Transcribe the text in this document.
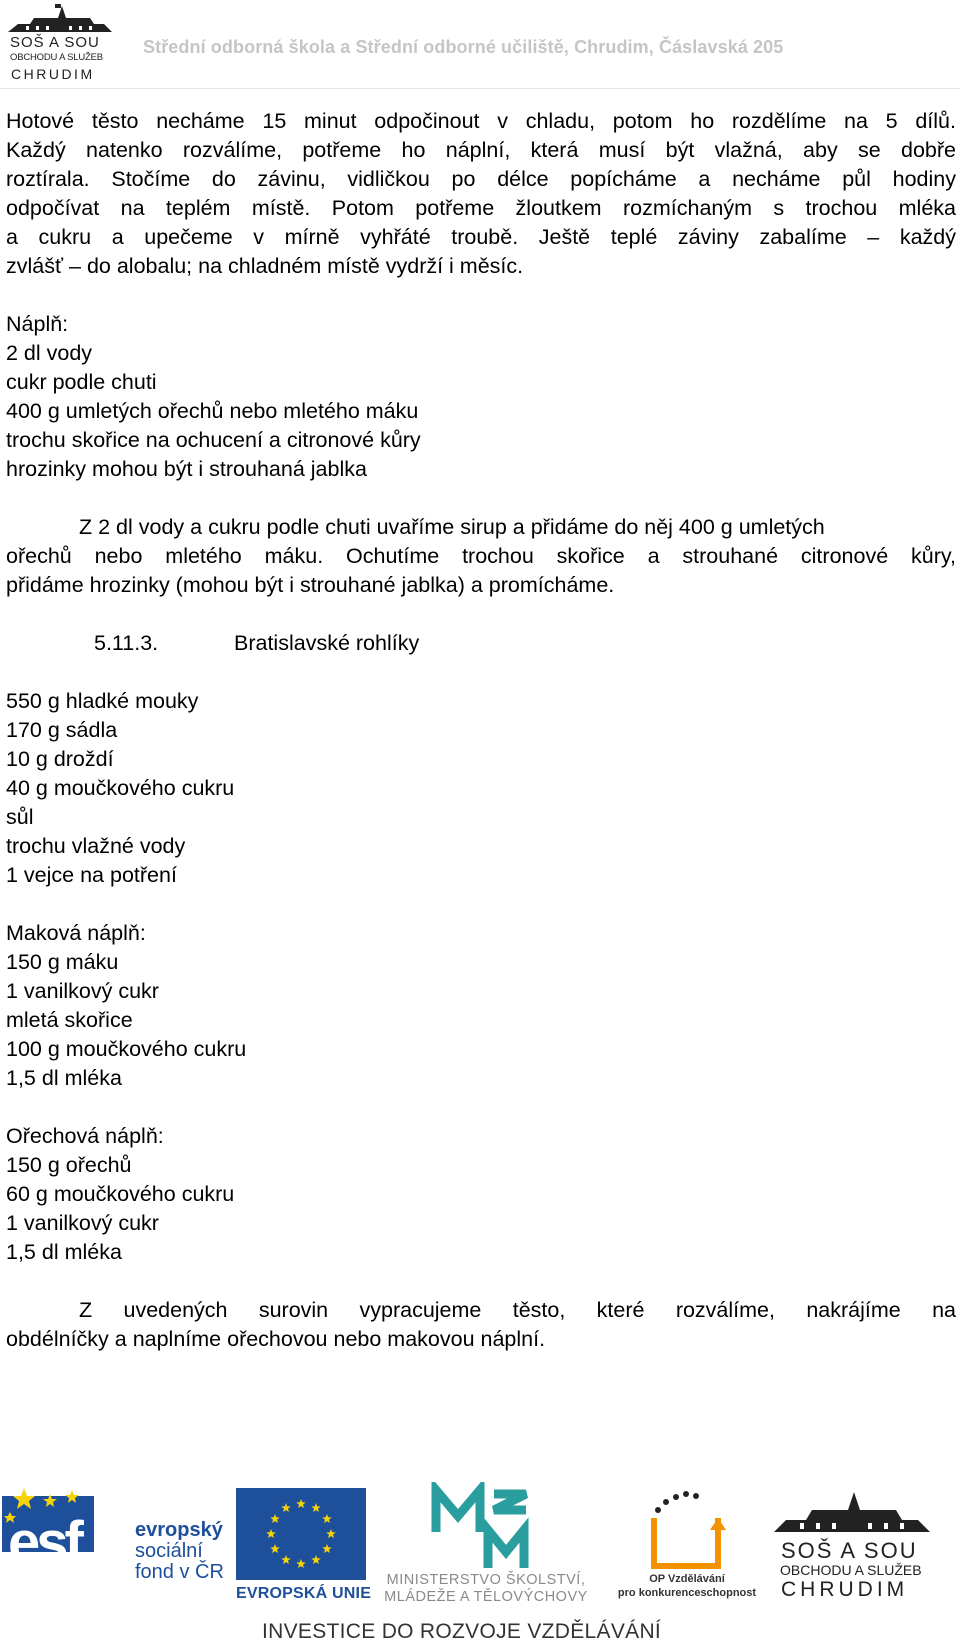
SOŠ A SOU
OBCHODU A SLUŽEB
CHRUDIM
Střední odborná škola a Střední odborné učiliště, Chrudim, Čáslavská 205
Hotové těsto necháme 15 minut odpočinout v chladu, potom ho rozdělíme na 5 dílů.
Každý natenko rozválíme, potřeme ho náplní, která musí být vlažná, aby se dobře
roztírala. Stočíme do závinu, vidličkou po délce popícháme a necháme půl hodiny
odpočívat na teplém místě. Potom potřeme žloutkem rozmíchaným s trochou mléka
a cukru a upečeme v mírně vyhřáté troubě. Ještě teplé záviny zabalíme – každý
zvlášť – do alobalu; na chladném místě vydrží i měsíc.
Náplň:
2 dl vody
cukr podle chuti
400 g umletých ořechů nebo mletého máku
trochu skořice na ochucení a citronové kůry
hrozinky mohou být i strouhaná jablka
Z 2 dl vody a cukru podle chuti uvaříme sirup a přidáme do něj 400 g umletých
ořechů nebo mletého máku. Ochutíme trochou skořice a strouhané citronové kůry,
přidáme hrozinky (mohou být i strouhané jablka) a promícháme.
5.11.3.	Bratislavské rohlíky
550 g hladké mouky
170 g sádla
10 g droždí
40 g moučkového cukru
sůl
trochu vlažné vody
1 vejce na potření
Maková náplň:
150 g máku
1 vanilkový cukr
mletá skořice
100 g moučkového cukru
1,5 dl mléka
Ořechová náplň:
150 g ořechů
60 g moučkového cukru
1 vanilkový cukr
1,5 dl mléka
Z uvedených surovin vypracujeme těsto, které rozválíme, nakrájíme na
obdélníčky a naplníme ořechovou nebo makovou náplní.
esf	evropský
sociální
fond v ČR
EVROPSKÁ UNIE
MINISTERSTVO ŠKOLSTVÍ,
MLÁDEŽE A TĚLOVÝCHOVY
OP Vzdělávání
pro konkurenceschopnost
SOŠ A SOU
OBCHODU A SLUŽEB
CHRUDIM
INVESTICE DO ROZVOJE VZDĚLÁVÁNÍ
